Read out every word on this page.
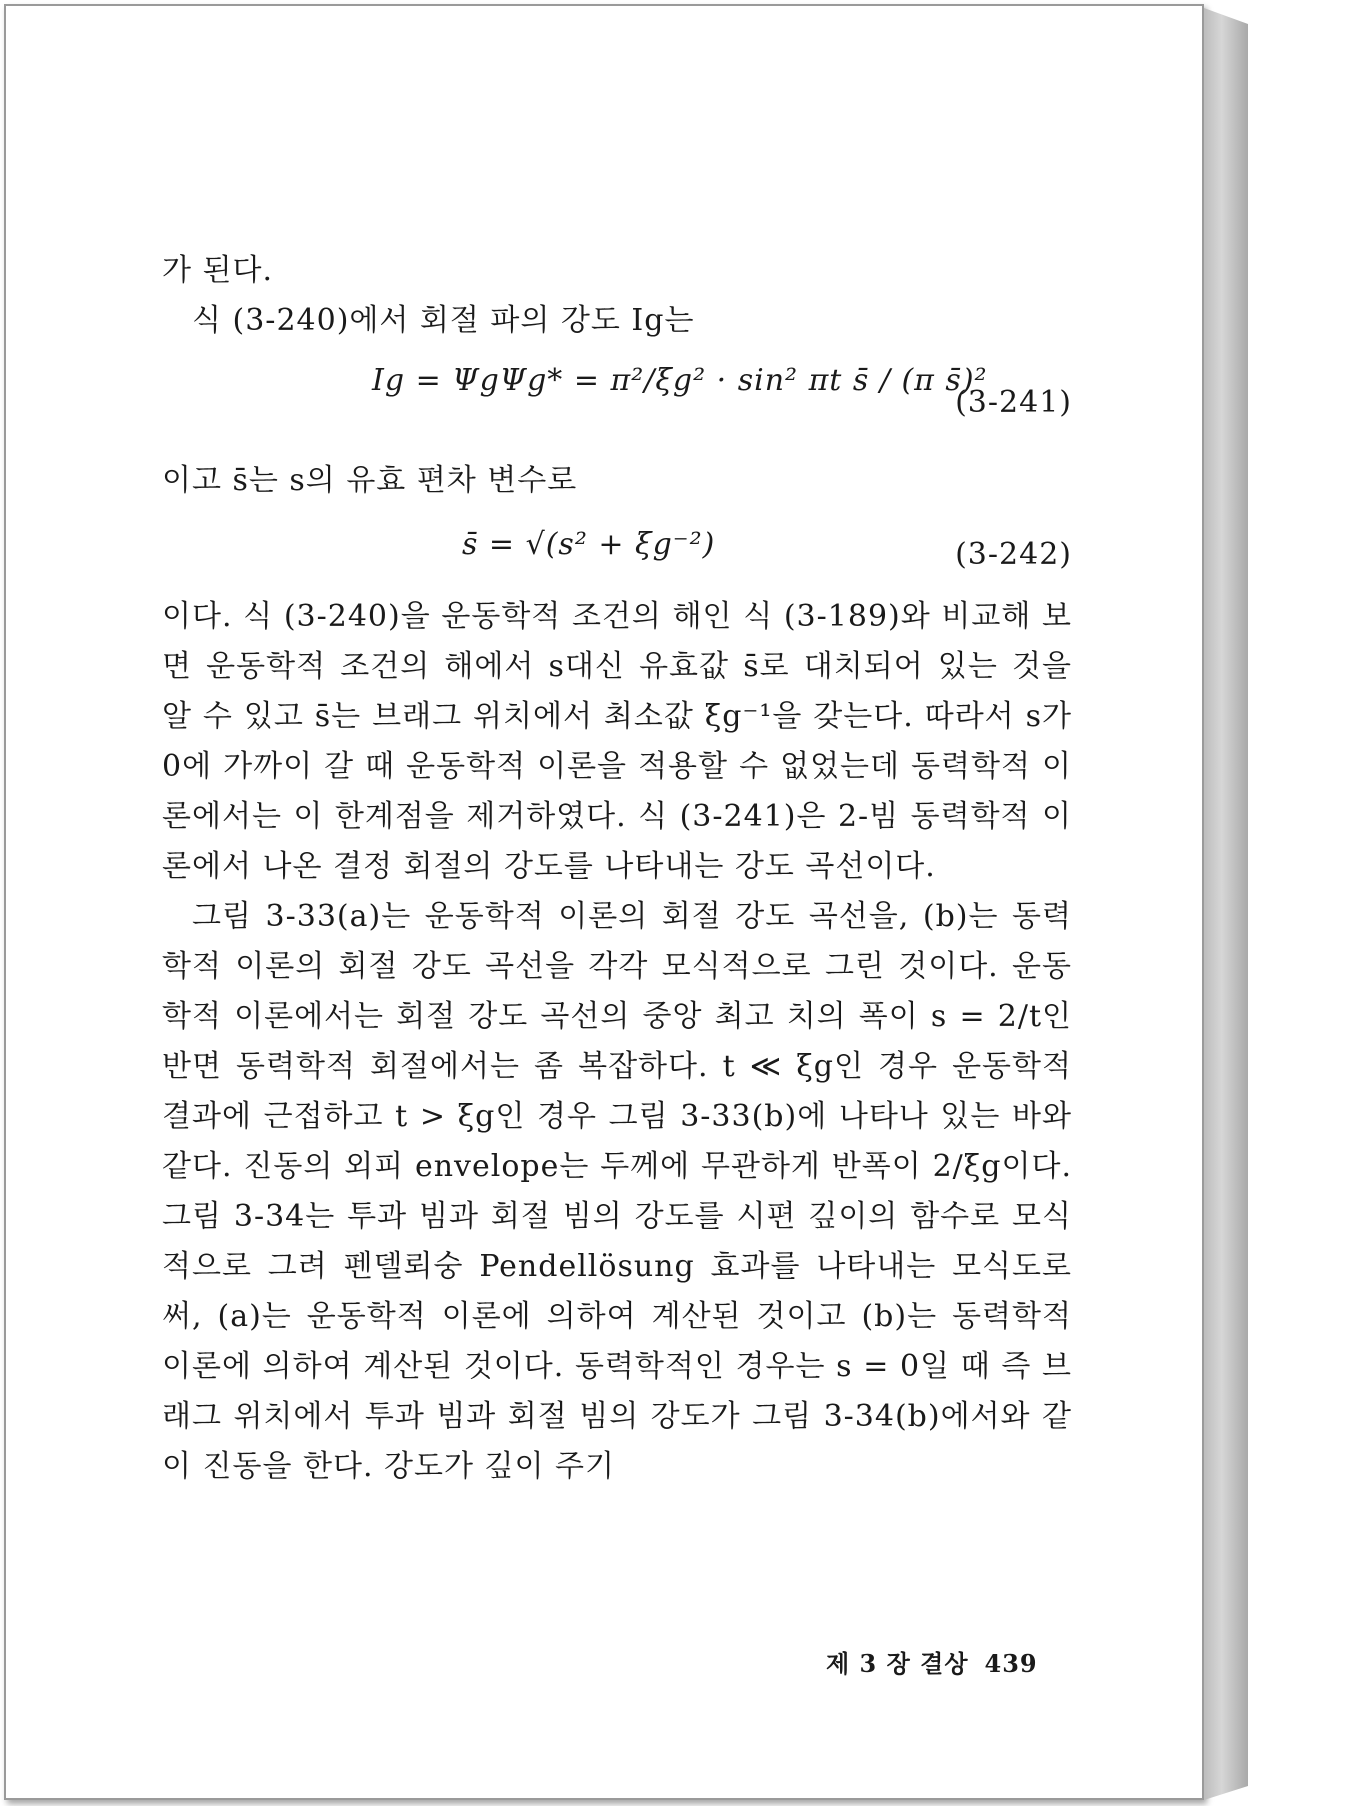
가 된다.

식 (3-240)에서 회절 파의 강도 Ig는

Ig = ΨgΨg* = π²/ξg² · sin² πt s̄ / (π s̄)²
(3-241)

이고 s̄는 s의 유효 편차 변수로

s̄ = √(s² + ξg⁻²)	(3-242)

이다. 식 (3-240)을 운동학적 조건의 해인 식 (3-189)와 비교해 보면 운동학적 조건의 해에서 s대신 유효값 s̄로 대치되어 있는 것을 알 수 있고 s̄는 브래그 위치에서 최소값 ξg⁻¹을 갖는다. 따라서 s가 0에 가까이 갈 때 운동학적 이론을 적용할 수 없었는데 동력학적 이론에서는 이 한계점을 제거하였다. 식 (3-241)은 2-빔 동력학적 이론에서 나온 결정 회절의 강도를 나타내는 강도 곡선이다.

그림 3-33(a)는 운동학적 이론의 회절 강도 곡선을, (b)는 동력학적 이론의 회절 강도 곡선을 각각 모식적으로 그린 것이다. 운동학적 이론에서는 회절 강도 곡선의 중앙 최고 치의 폭이 s = 2/t인 반면 동력학적 회절에서는 좀 복잡하다. t ≪ ξg인 경우 운동학적 결과에 근접하고 t > ξg인 경우 그림 3-33(b)에 나타나 있는 바와 같다. 진동의 외피 envelope는 두께에 무관하게 반폭이 2/ξg이다. 그림 3-34는 투과 빔과 회절 빔의 강도를 시편 깊이의 함수로 모식적으로 그려 펜델뢰숭 Pendellösung 효과를 나타내는 모식도로써, (a)는 운동학적 이론에 의하여 계산된 것이고 (b)는 동력학적 이론에 의하여 계산된 것이다. 동력학적인 경우는 s = 0일 때 즉 브래그 위치에서 투과 빔과 회절 빔의 강도가 그림 3-34(b)에서와 같이 진동을 한다. 강도가 깊이 주기

제 3 장 결상 439
